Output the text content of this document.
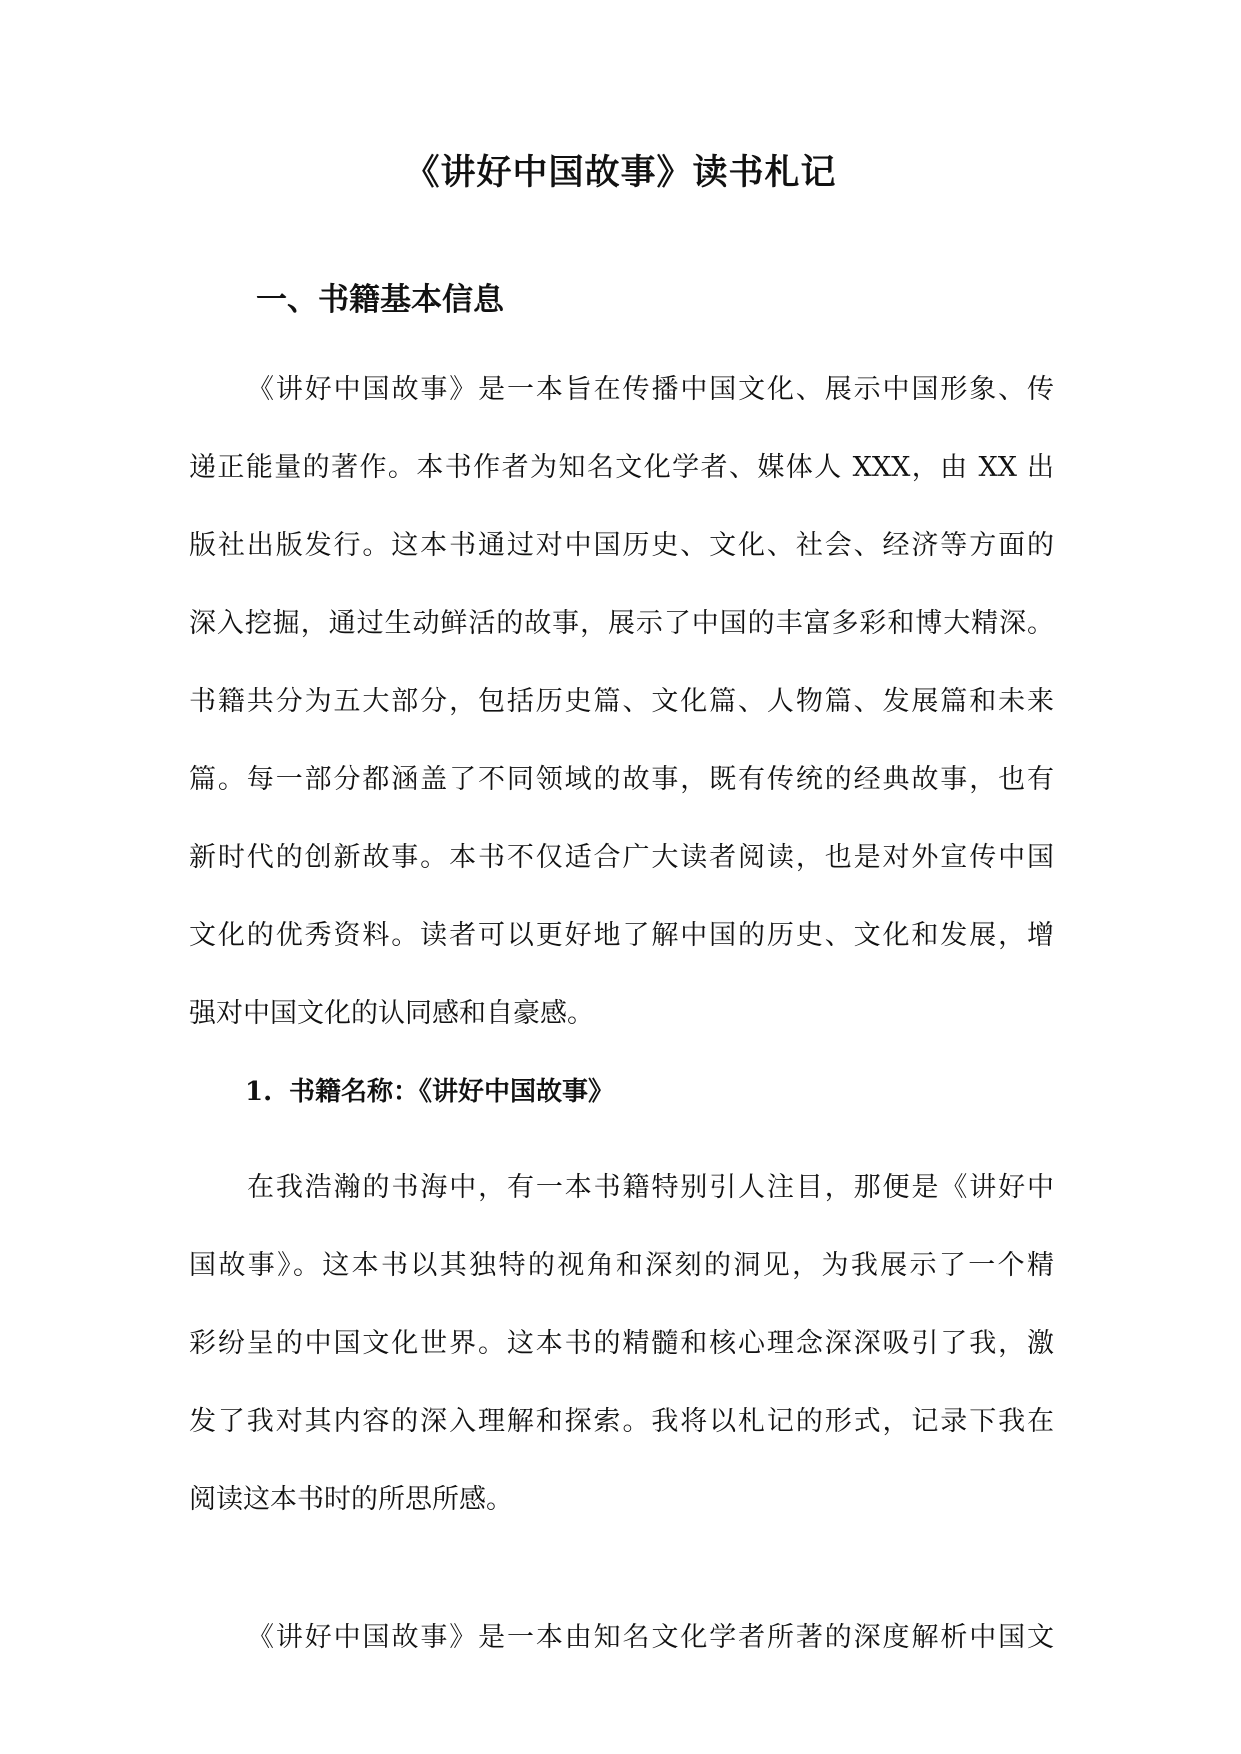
《讲好中国故事》读书札记
一、书籍基本信息
《讲好中国故事》是一本旨在传播中国文化、展示中国形象、传
递正能量的著作。本书作者为知名文化学者、媒体人 XXX，由 XX 出
版社出版发行。这本书通过对中国历史、文化、社会、经济等方面的
深入挖掘，通过生动鲜活的故事，展示了中国的丰富多彩和博大精深。
书籍共分为五大部分，包括历史篇、文化篇、人物篇、发展篇和未来
篇。每一部分都涵盖了不同领域的故事，既有传统的经典故事，也有
新时代的创新故事。本书不仅适合广大读者阅读，也是对外宣传中国
文化的优秀资料。读者可以更好地了解中国的历史、文化和发展，增
强对中国文化的认同感和自豪感。
1. 书籍名称：《讲好中国故事》
在我浩瀚的书海中，有一本书籍特别引人注目，那便是《讲好中
国故事》。这本书以其独特的视角和深刻的洞见，为我展示了一个精
彩纷呈的中国文化世界。这本书的精髓和核心理念深深吸引了我，激
发了我对其内容的深入理解和探索。我将以札记的形式，记录下我在
阅读这本书时的所思所感。
《讲好中国故事》是一本由知名文化学者所著的深度解析中国文
